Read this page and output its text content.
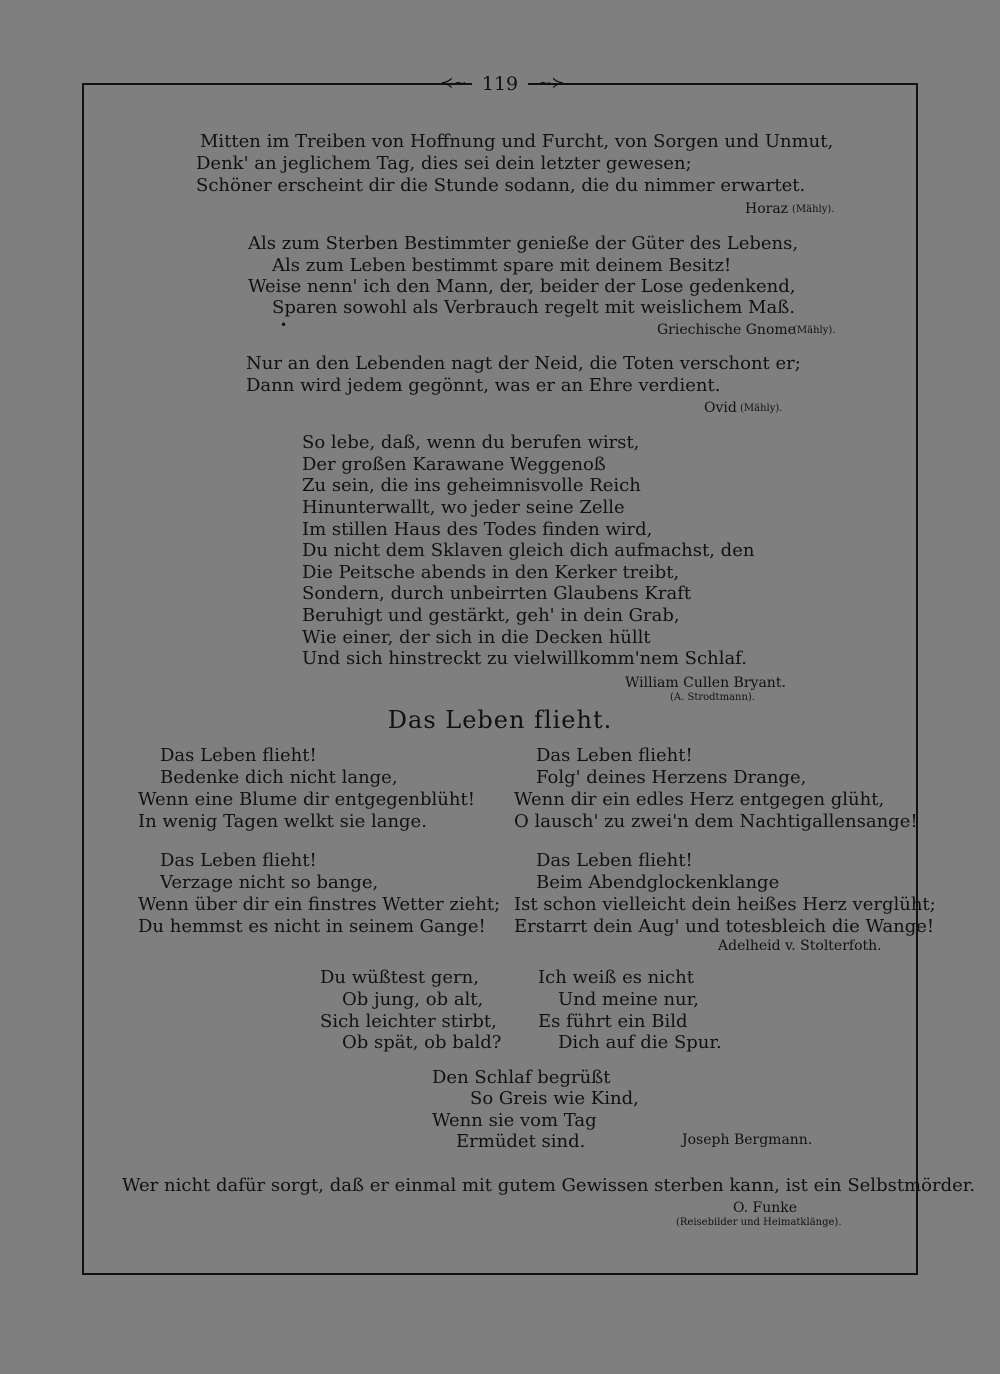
119
≺∼	∼≻
Mitten im Treiben von Hoffnung und Furcht, von Sorgen und Unmut,
Denk' an jeglichem Tag, dies sei dein letzter gewesen;
Schöner erscheint dir die Stunde sodann, die du nimmer erwartet.
Horaz (Mähly).
Als zum Sterben Bestimmter genieße der Güter des Lebens,
Als zum Leben bestimmt spare mit deinem Besitz!
Weise nenn' ich den Mann, der, beider der Lose gedenkend,
Sparen sowohl als Verbrauch regelt mit weislichem Maß.
•	Griechische Gnome
(Mähly).
Nur an den Lebenden nagt der Neid, die Toten verschont er;
Dann wird jedem gegönnt, was er an Ehre verdient.
Ovid (Mähly).
So lebe, daß, wenn du berufen wirst,
Der großen Karawane Weggenoß
Zu sein, die ins geheimnisvolle Reich
Hinunterwallt, wo jeder seine Zelle
Im stillen Haus des Todes finden wird,
Du nicht dem Sklaven gleich dich aufmachst, den
Die Peitsche abends in den Kerker treibt,
Sondern, durch unbeirrten Glaubens Kraft
Beruhigt und gestärkt, geh' in dein Grab,
Wie einer, der sich in die Decken hüllt
Und sich hinstreckt zu vielwillkomm'nem Schlaf.
William Cullen Bryant.
(A. Strodtmann).
Das Leben flieht.
Das Leben flieht!
Bedenke dich nicht lange,
Wenn eine Blume dir entgegenblüht!
In wenig Tagen welkt sie lange.
Das Leben flieht!
Folg' deines Herzens Drange,
Wenn dir ein edles Herz entgegen glüht,
O lausch' zu zwei'n dem Nachtigallensange!
Das Leben flieht!
Verzage nicht so bange,
Wenn über dir ein finstres Wetter zieht;
Du hemmst es nicht in seinem Gange!
Das Leben flieht!
Beim Abendglockenklange
Ist schon vielleicht dein heißes Herz verglüht;
Erstarrt dein Aug' und totesbleich die Wange!
Adelheid v. Stolterfoth.
Du wüßtest gern,
Ob jung, ob alt,
Sich leichter stirbt,
Ob spät, ob bald?
Ich weiß es nicht
Und meine nur,
Es führt ein Bild
Dich auf die Spur.
Den Schlaf begrüßt
So Greis wie Kind,
Wenn sie vom Tag
Ermüdet sind.	Joseph Bergmann.
Wer nicht dafür sorgt, daß er einmal mit gutem Gewissen sterben kann, ist ein Selbstmörder.
O. Funke
(Reisebilder und Heimatklänge).
